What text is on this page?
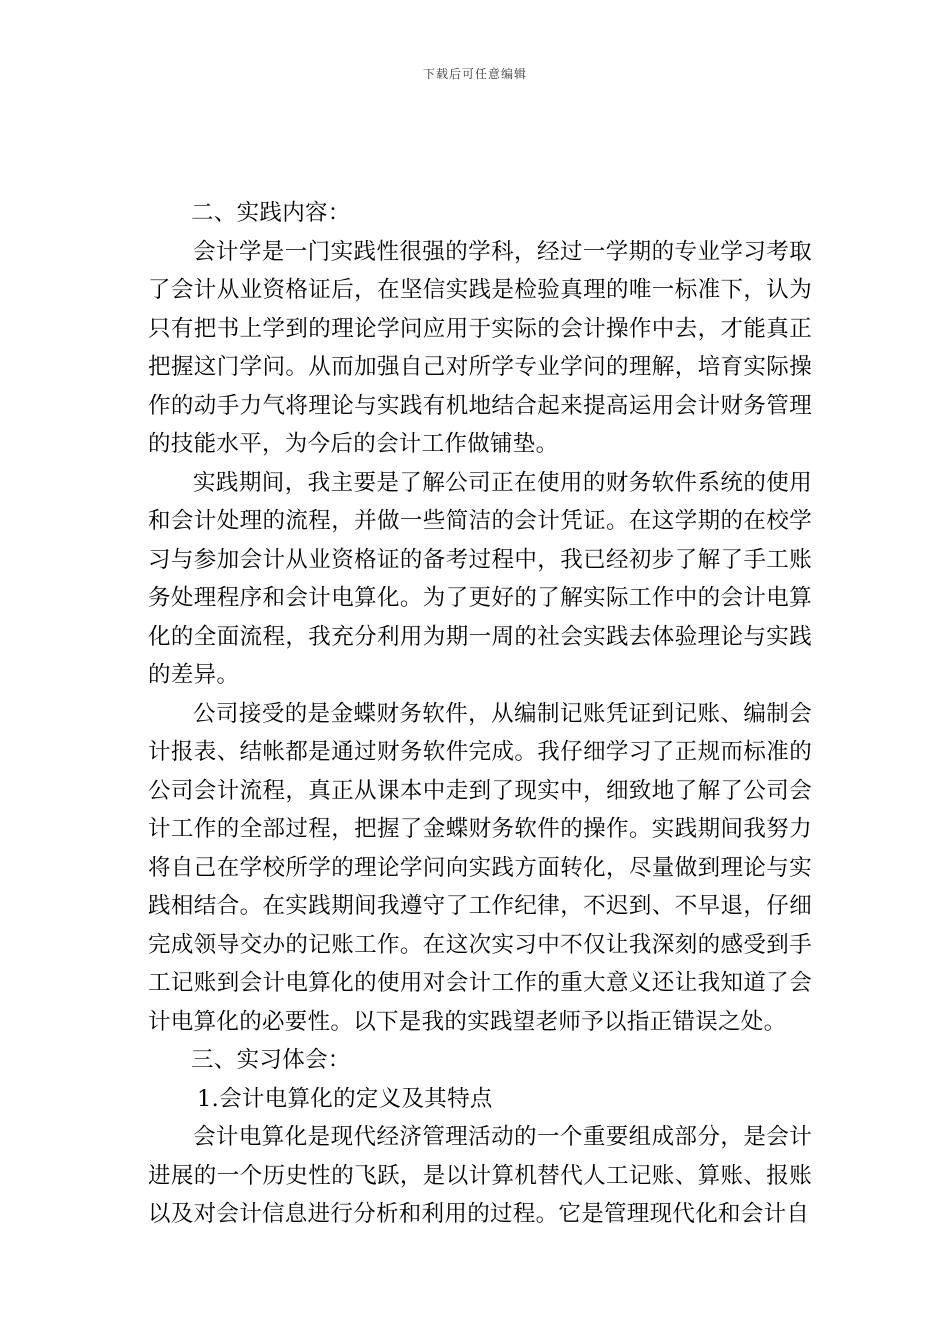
下载后可任意编辑

二、实践内容：

会计学是一门实践性很强的学科，经过一学期的专业学习考取了会计从业资格证后，在坚信实践是检验真理的唯一标准下，认为只有把书上学到的理论学问应用于实际的会计操作中去，才能真正把握这门学问。从而加强自己对所学专业学问的理解，培育实际操作的动手力气将理论与实践有机地结合起来提高运用会计财务管理的技能水平，为今后的会计工作做铺垫。

实践期间，我主要是了解公司正在使用的财务软件系统的使用和会计处理的流程，并做一些简洁的会计凭证。在这学期的在校学习与参加会计从业资格证的备考过程中，我已经初步了解了手工账务处理程序和会计电算化。为了更好的了解实际工作中的会计电算化的全面流程，我充分利用为期一周的社会实践去体验理论与实践的差异。

公司接受的是金蝶财务软件，从编制记账凭证到记账、编制会计报表、结帐都是通过财务软件完成。我仔细学习了正规而标准的公司会计流程，真正从课本中走到了现实中，细致地了解了公司会计工作的全部过程，把握了金蝶财务软件的操作。实践期间我努力将自己在学校所学的理论学问向实践方面转化，尽量做到理论与实践相结合。在实践期间我遵守了工作纪律，不迟到、不早退，仔细完成领导交办的记账工作。在这次实习中不仅让我深刻的感受到手工记账到会计电算化的使用对会计工作的重大意义还让我知道了会计电算化的必要性。以下是我的实践望老师予以指正错误之处。

三、实习体会：

1.会计电算化的定义及其特点

会计电算化是现代经济管理活动的一个重要组成部分，是会计进展的一个历史性的飞跃，是以计算机替代人工记账、算账、报账以及对会计信息进行分析和利用的过程。它是管理现代化和会计自
